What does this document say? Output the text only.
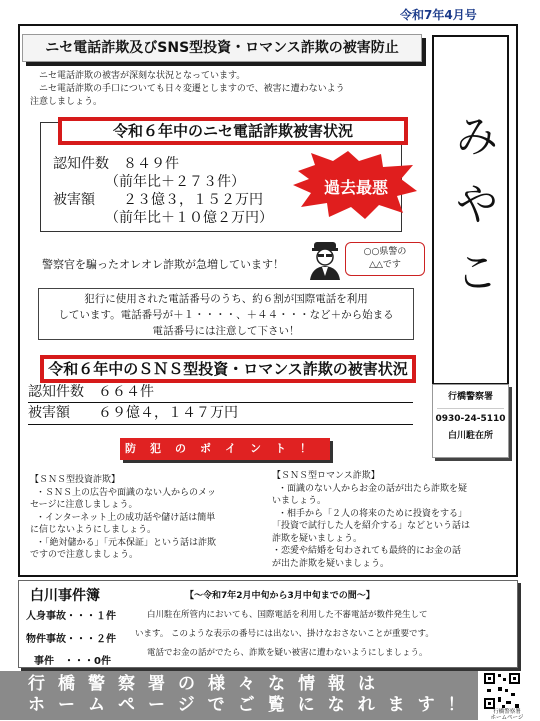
令和7年4月号
ニセ電話詐欺及びSNS型投資・ロマンス詐欺の被害防止
ニセ電話詐欺の被害が深刻な状況となっています。
ニセ電話詐欺の手口についても日々変遷としますので、被害に遭わないよう
注意しましょう。
みやこ
認知件数　８４９件
（前年比＋２７３件）
被害額　　２３億３，１５２万円
（前年比＋１０億２万円）
令和６年中のニセ電話詐欺被害状況
過去最悪
警察官を騙ったオレオレ詐欺が急増しています！
○○県警の
△△です
犯行に使用された電話番号のうち、約６割が国際電話を利用
しています。電話番号が＋１・・・・、＋４４・・・など＋から始まる
電話番号には注意して下さい！
令和６年中のＳＮＳ型投資・ロマンス詐欺の被害状況
認知件数　６６４件
被害額　　６９億４，１４７万円
行橋警察署
0930-24-5110
白川駐在所
防犯のポイント！
【ＳＮＳ型投資詐欺】
・ＳＮＳ上の広告や面識のない人からのメッ
セージに注意しましょう。
・インターネット上の成功話や儲け話は簡単
に信じないようにしましょう。
・「絶対儲かる」「元本保証」という話は詐欺
ですので注意しましょう。
【ＳＮＳ型ロマンス詐欺】
・面識のない人からお金の話が出たら詐欺を疑
いましょう。
・相手から「２人の将来のために投資をする」
「投資で試行した人を紹介する」などという話は
詐欺を疑いましょう。
・恋愛や結婚を匂わされても最終的にお金の話
が出た詐欺を疑いましょう。
白川事件簿	【～令和7年2月中旬から3月中旬までの間～】
人身事故・・・１件
物件事故・・・２件
事件　・・・0件
白川駐在所管内においても、国際電話を利用した不審電話が数件発生して
います。 このような表示の番号には出ない、掛けなおさないことが重要です。
電話でお金の話がでたら、詐欺を疑い被害に遭わないようにしましょう。
行橋警察署の様々な情報は
ホームページでご覧になれます！	行橋警察署
ホームページ
